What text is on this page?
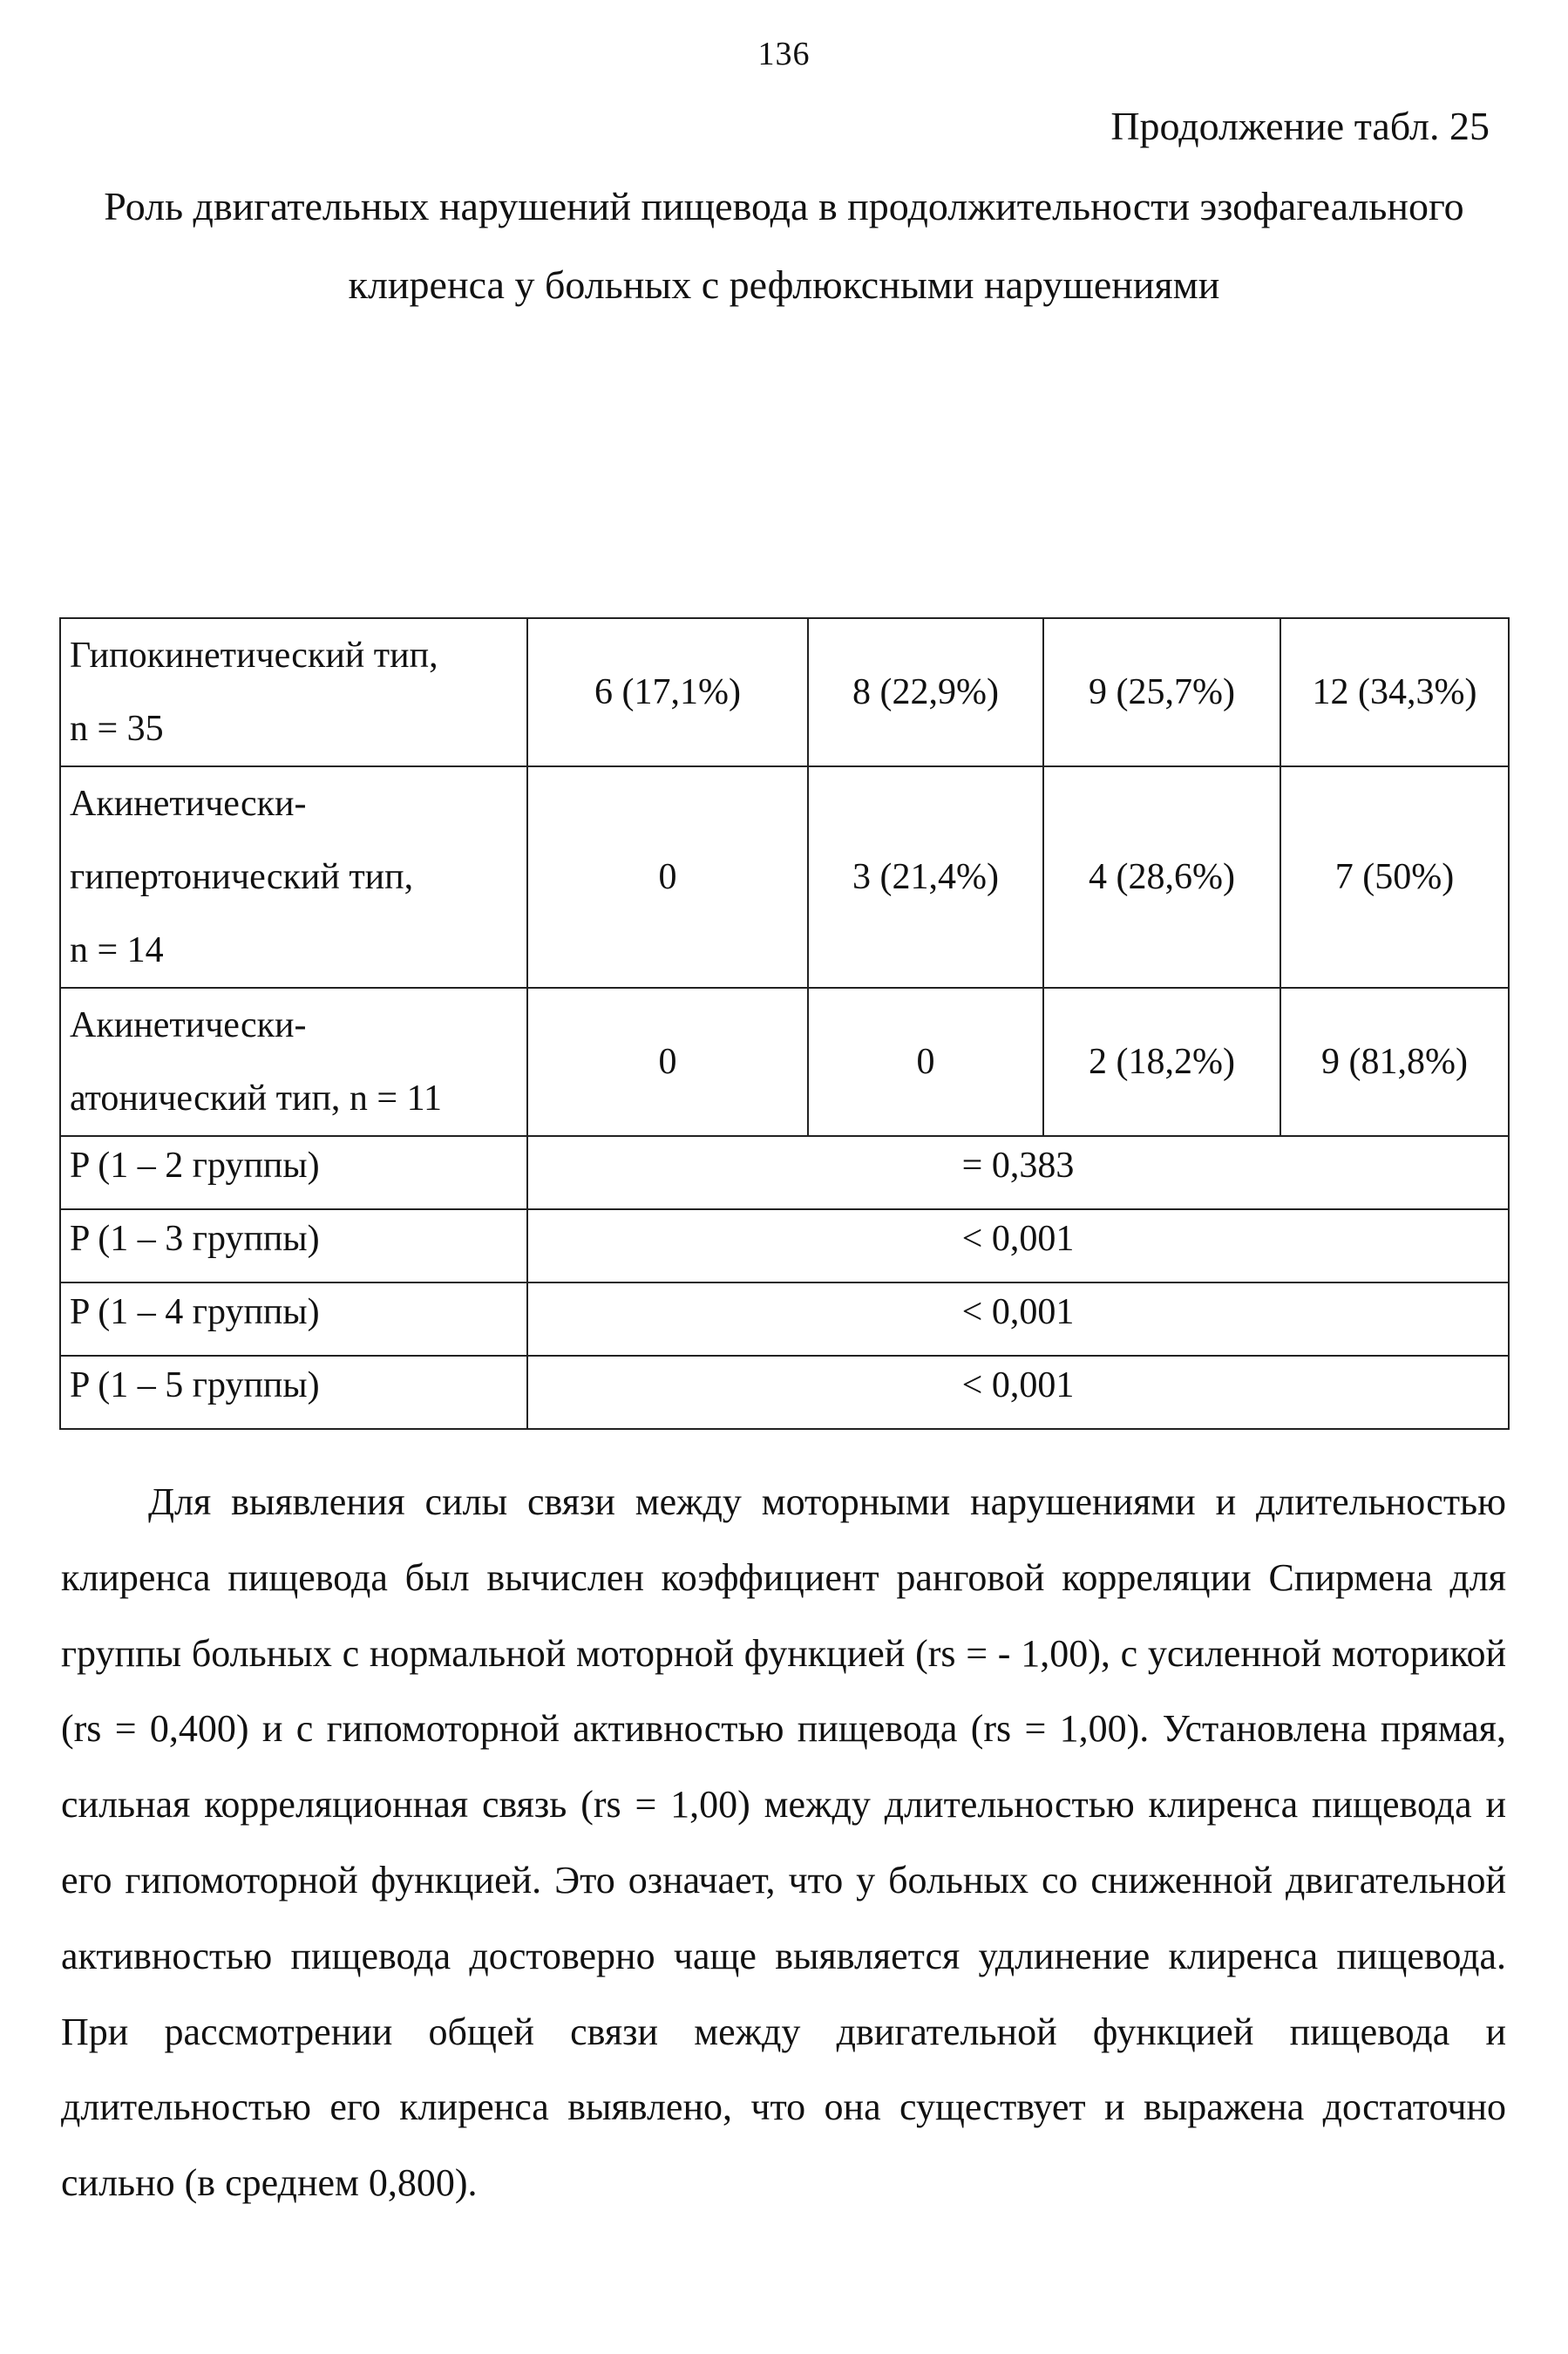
136
Продолжение табл. 25
Роль двигательных нарушений пищевода в продолжительности эзофагеального
клиренса у больных с рефлюксными нарушениями
Гипокинетический тип,
n = 35	6 (17,1%)	8 (22,9%)	9 (25,7%)	12 (34,3%)

Акинетически-
гипертонический тип,
n = 14	0	3 (21,4%)	4 (28,6%)	7 (50%)

Акинетически-
атонический тип, n = 11	0	0	2 (18,2%)	9 (81,8%)
P (1 – 2 группы)	= 0,383			
P (1 – 3 группы)	< 0,001			
P (1 – 4 группы)	< 0,001			
P (1 – 5 группы)	< 0,001			

Для выявления силы связи между моторными нарушениями и длительностью клиренса пищевода был вычислен коэффициент ранговой корреляции Спирмена для группы больных с нормальной моторной функцией (rs = - 1,00), с усиленной моторикой (rs = 0,400) и с гипомоторной активностью пищевода (rs = 1,00). Установлена прямая, сильная корреляционная связь (rs = 1,00) между длительностью клиренса пищевода и его гипомоторной функцией. Это означает, что у больных со сниженной двигательной активностью пищевода достоверно чаще выявляется удлинение клиренса пищевода. При рассмотрении общей связи между двигательной функцией пищевода и длительностью его клиренса выявлено, что она существует и выражена достаточно сильно (в среднем 0,800).
